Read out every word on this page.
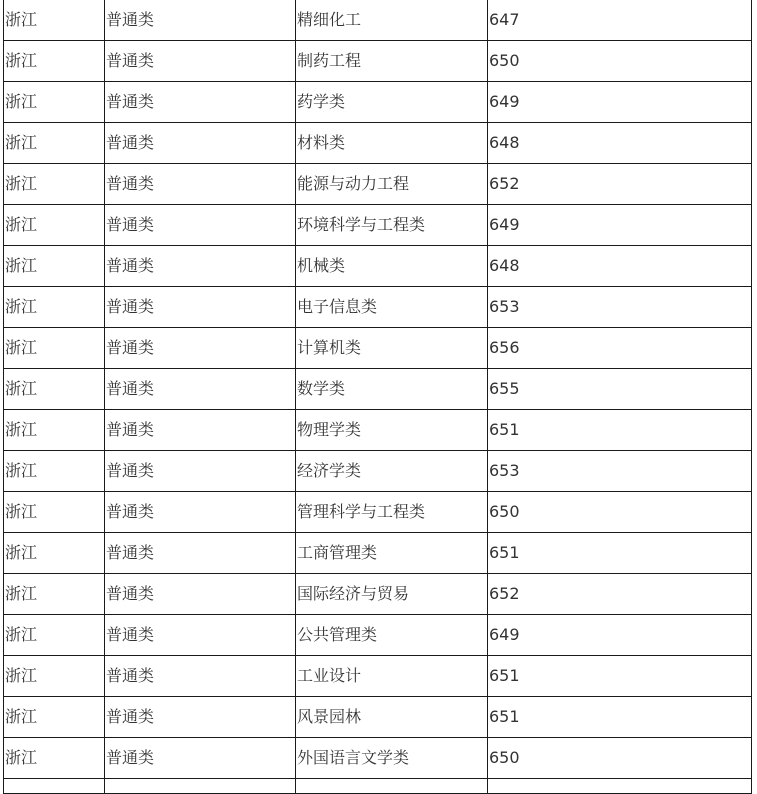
浙江	普通类	精细化工	647
浙江	普通类	制药工程	650
浙江	普通类	药学类	649
浙江	普通类	材料类	648
浙江	普通类	能源与动力工程	652
浙江	普通类	环境科学与工程类	649
浙江	普通类	机械类	648
浙江	普通类	电子信息类	653
浙江	普通类	计算机类	656
浙江	普通类	数学类	655
浙江	普通类	物理学类	651
浙江	普通类	经济学类	653
浙江	普通类	管理科学与工程类	650
浙江	普通类	工商管理类	651
浙江	普通类	国际经济与贸易	652
浙江	普通类	公共管理类	649
浙江	普通类	工业设计	651
浙江	普通类	风景园林	651
浙江	普通类	外国语言文学类	650
